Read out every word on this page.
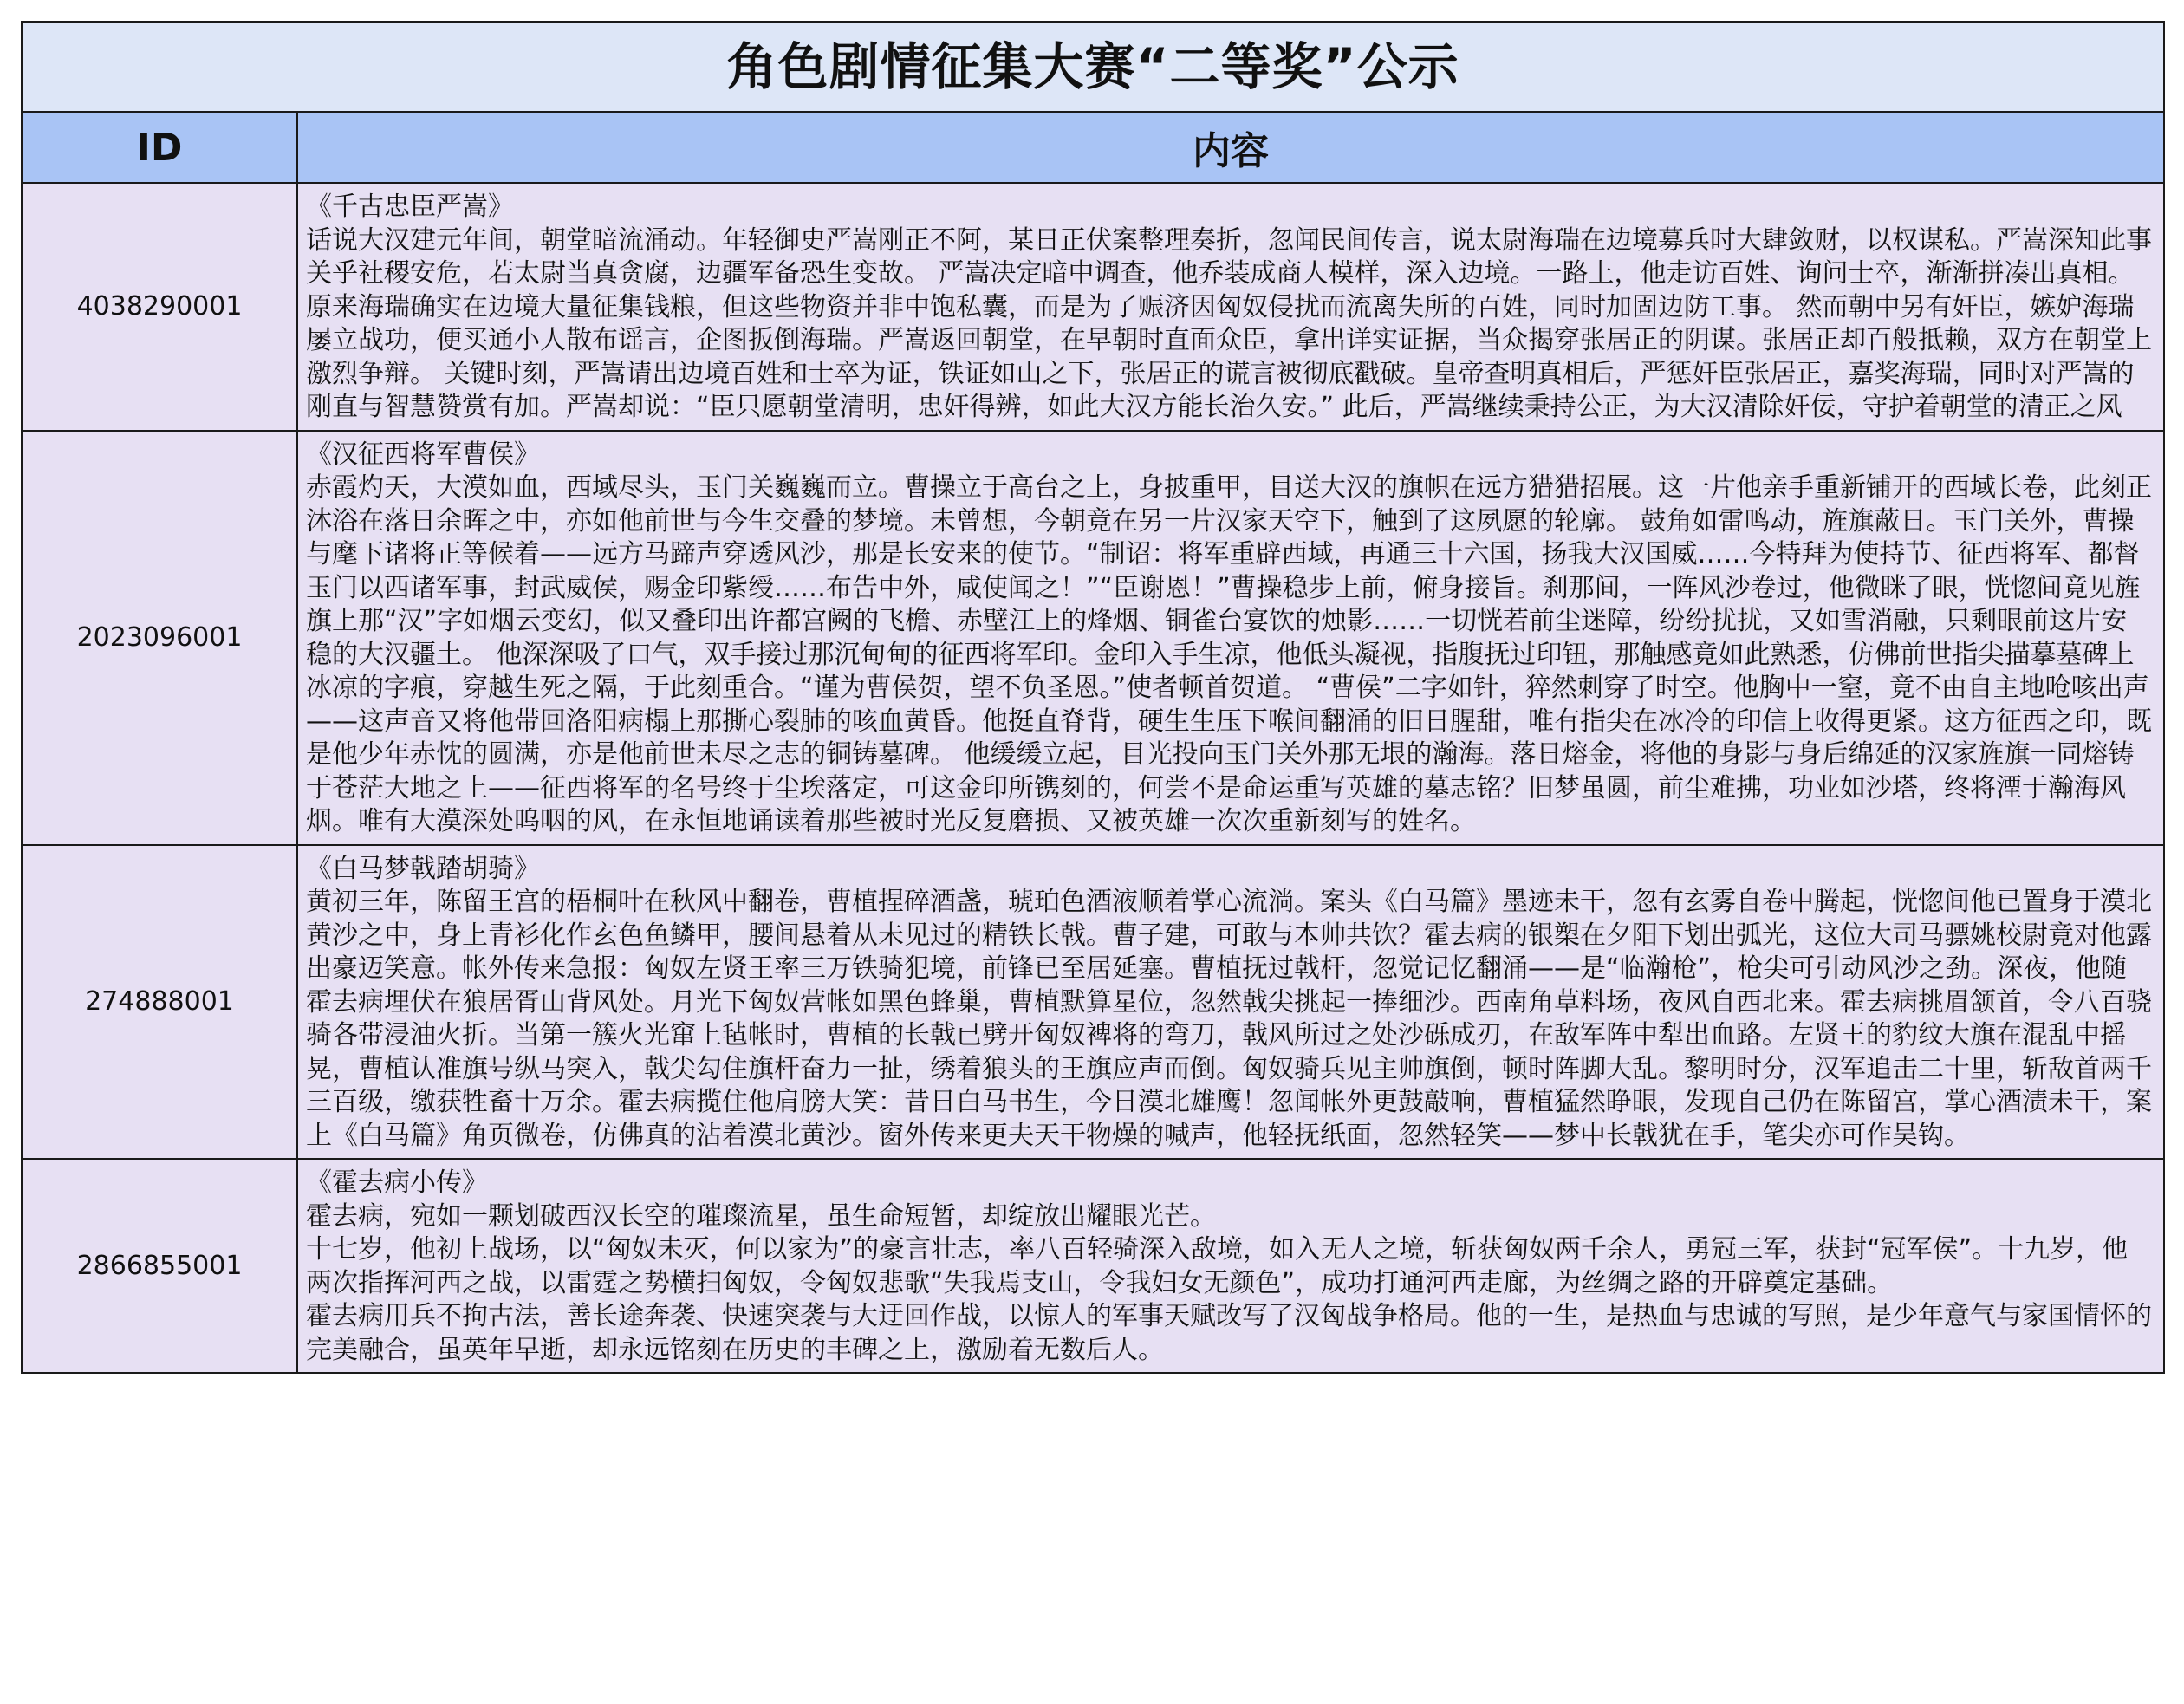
角色剧情征集大赛“二等奖”公示	
ID	内容
4038290001	《千古忠臣严嵩》
话说大汉建元年间，朝堂暗流涌动。年轻御史严嵩刚正不阿，某日正伏案整理奏折，忽闻民间传言，说太尉海瑞在边境募兵时大肆敛财，以权谋私。严嵩深知此事关乎社稷安危，若太尉当真贪腐，边疆军备恐生变故。 严嵩决定暗中调查，他乔装成商人模样，深入边境。一路上，他走访百姓、询问士卒，渐渐拼凑出真相。原来海瑞确实在边境大量征集钱粮，但这些物资并非中饱私囊，而是为了赈济因匈奴侵扰而流离失所的百姓，同时加固边防工事。 然而朝中另有奸臣，嫉妒海瑞屡立战功，便买通小人散布谣言，企图扳倒海瑞。严嵩返回朝堂，在早朝时直面众臣，拿出详实证据，当众揭穿张居正的阴谋。张居正却百般抵赖，双方在朝堂上激烈争辩。 关键时刻，严嵩请出边境百姓和士卒为证，铁证如山之下，张居正的谎言被彻底戳破。皇帝查明真相后，严惩奸臣张居正，嘉奖海瑞，同时对严嵩的刚直与智慧赞赏有加。严嵩却说：“臣只愿朝堂清明，忠奸得辨，如此大汉方能长治久安。” 此后，严嵩继续秉持公正，为大汉清除奸佞，守护着朝堂的清正之风

2023096001	《汉征西将军曹侯》
赤霞灼天，大漠如血，西域尽头，玉门关巍巍而立。曹操立于高台之上，身披重甲，目送大汉的旗帜在远方猎猎招展。这一片他亲手重新铺开的西域长卷，此刻正沐浴在落日余晖之中，亦如他前世与今生交叠的梦境。未曾想，今朝竟在另一片汉家天空下，触到了这夙愿的轮廓。 鼓角如雷鸣动，旌旗蔽日。玉门关外，曹操与麾下诸将正等候着——远方马蹄声穿透风沙，那是长安来的使节。“制诏：将军重辟西域，再通三十六国，扬我大汉国威……今特拜为使持节、征西将军、都督玉门以西诸军事，封武威侯，赐金印紫绶……布告中外，咸使闻之！”“臣谢恩！”曹操稳步上前，俯身接旨。刹那间，一阵风沙卷过，他微眯了眼，恍惚间竟见旌旗上那“汉”字如烟云变幻，似又叠印出许都宫阙的飞檐、赤壁江上的烽烟、铜雀台宴饮的烛影……一切恍若前尘迷障，纷纷扰扰，又如雪消融，只剩眼前这片安稳的大汉疆土。 他深深吸了口气，双手接过那沉甸甸的征西将军印。金印入手生凉，他低头凝视，指腹抚过印钮，那触感竟如此熟悉，仿佛前世指尖描摹墓碑上冰凉的字痕，穿越生死之隔，于此刻重合。“谨为曹侯贺，望不负圣恩。”使者顿首贺道。 “曹侯”二字如针，猝然刺穿了时空。他胸中一窒，竟不由自主地呛咳出声——这声音又将他带回洛阳病榻上那撕心裂肺的咳血黄昏。他挺直脊背，硬生生压下喉间翻涌的旧日腥甜，唯有指尖在冰冷的印信上收得更紧。这方征西之印，既是他少年赤忱的圆满，亦是他前世未尽之志的铜铸墓碑。 他缓缓立起，目光投向玉门关外那无垠的瀚海。落日熔金，将他的身影与身后绵延的汉家旌旗一同熔铸于苍茫大地之上——征西将军的名号终于尘埃落定，可这金印所镌刻的，何尝不是命运重写英雄的墓志铭？旧梦虽圆，前尘难拂，功业如沙塔，终将湮于瀚海风烟。唯有大漠深处呜咽的风，在永恒地诵读着那些被时光反复磨损、又被英雄一次次重新刻写的姓名。

274888001	《白马梦戟踏胡骑》
黄初三年，陈留王宫的梧桐叶在秋风中翻卷，曹植捏碎酒盏，琥珀色酒液顺着掌心流淌。案头《白马篇》墨迹未干，忽有玄雾自卷中腾起，恍惚间他已置身于漠北黄沙之中，身上青衫化作玄色鱼鳞甲，腰间悬着从未见过的精铁长戟。曹子建，可敢与本帅共饮？霍去病的银槊在夕阳下划出弧光，这位大司马骠姚校尉竟对他露出豪迈笑意。帐外传来急报：匈奴左贤王率三万铁骑犯境，前锋已至居延塞。曹植抚过戟杆，忽觉记忆翻涌——是“临瀚枪”，枪尖可引动风沙之劲。深夜，他随霍去病埋伏在狼居胥山背风处。月光下匈奴营帐如黑色蜂巢，曹植默算星位，忽然戟尖挑起一捧细沙。西南角草料场，夜风自西北来。霍去病挑眉颔首，令八百骁骑各带浸油火折。当第一簇火光窜上毡帐时，曹植的长戟已劈开匈奴裨将的弯刀，戟风所过之处沙砾成刃，在敌军阵中犁出血路。左贤王的豹纹大旗在混乱中摇晃，曹植认准旗号纵马突入，戟尖勾住旗杆奋力一扯，绣着狼头的王旗应声而倒。匈奴骑兵见主帅旗倒，顿时阵脚大乱。黎明时分，汉军追击二十里，斩敌首两千三百级，缴获牲畜十万余。霍去病揽住他肩膀大笑：昔日白马书生，今日漠北雄鹰！忽闻帐外更鼓敲响，曹植猛然睁眼，发现自己仍在陈留宫，掌心酒渍未干，案上《白马篇》角页微卷，仿佛真的沾着漠北黄沙。窗外传来更夫天干物燥的喊声，他轻抚纸面，忽然轻笑——梦中长戟犹在手，笔尖亦可作吴钩。

2866855001	《霍去病小传》
霍去病，宛如一颗划破西汉长空的璀璨流星，虽生命短暂，却绽放出耀眼光芒。
十七岁，他初上战场，以“匈奴未灭，何以家为”的豪言壮志，率八百轻骑深入敌境，如入无人之境，斩获匈奴两千余人，勇冠三军，获封“冠军侯”。十九岁，他两次指挥河西之战，以雷霆之势横扫匈奴，令匈奴悲歌“失我焉支山，令我妇女无颜色”，成功打通河西走廊，为丝绸之路的开辟奠定基础。
霍去病用兵不拘古法，善长途奔袭、快速突袭与大迂回作战，以惊人的军事天赋改写了汉匈战争格局。他的一生，是热血与忠诚的写照，是少年意气与家国情怀的完美融合，虽英年早逝，却永远铭刻在历史的丰碑之上，激励着无数后人。
